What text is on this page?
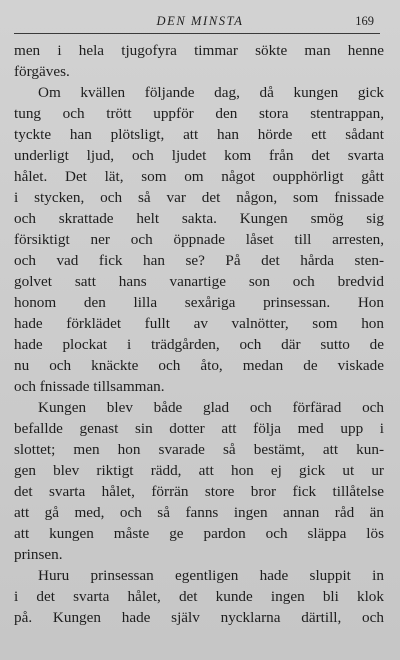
DEN MINSTA	169
men i hela tjugofyra timmar sökte man henne
förgäves.
Om kvällen följande dag, då kungen gick
tung och trött uppför den stora stentrappan,
tyckte han plötsligt, att han hörde ett sådant
underligt ljud, och ljudet kom från det svarta
hålet. Det lät, som om något oupphörligt gått
i stycken, och så var det någon, som fnissade
och skrattade helt sakta. Kungen smög sig
försiktigt ner och öppnade låset till arresten,
och vad fick han se? På det hårda sten-
golvet satt hans vanartige son och bredvid
honom den lilla sexåriga prinsessan. Hon
hade förklädet fullt av valnötter, som hon
hade plockat i trädgården, och där sutto de
nu och knäckte och åto, medan de viskade
och fnissade tillsamman.
Kungen blev både glad och förfärad och
befallde genast sin dotter att följa med upp i
slottet; men hon svarade så bestämt, att kun-
gen blev riktigt rädd, att hon ej gick ut ur
det svarta hålet, förrän store bror fick tillåtelse
att gå med, och så fanns ingen annan råd än
att kungen måste ge pardon och släppa lös
prinsen.
Huru prinsessan egentligen hade sluppit in
i det svarta hålet, det kunde ingen bli klok
på. Kungen hade själv nycklarna därtill, och
